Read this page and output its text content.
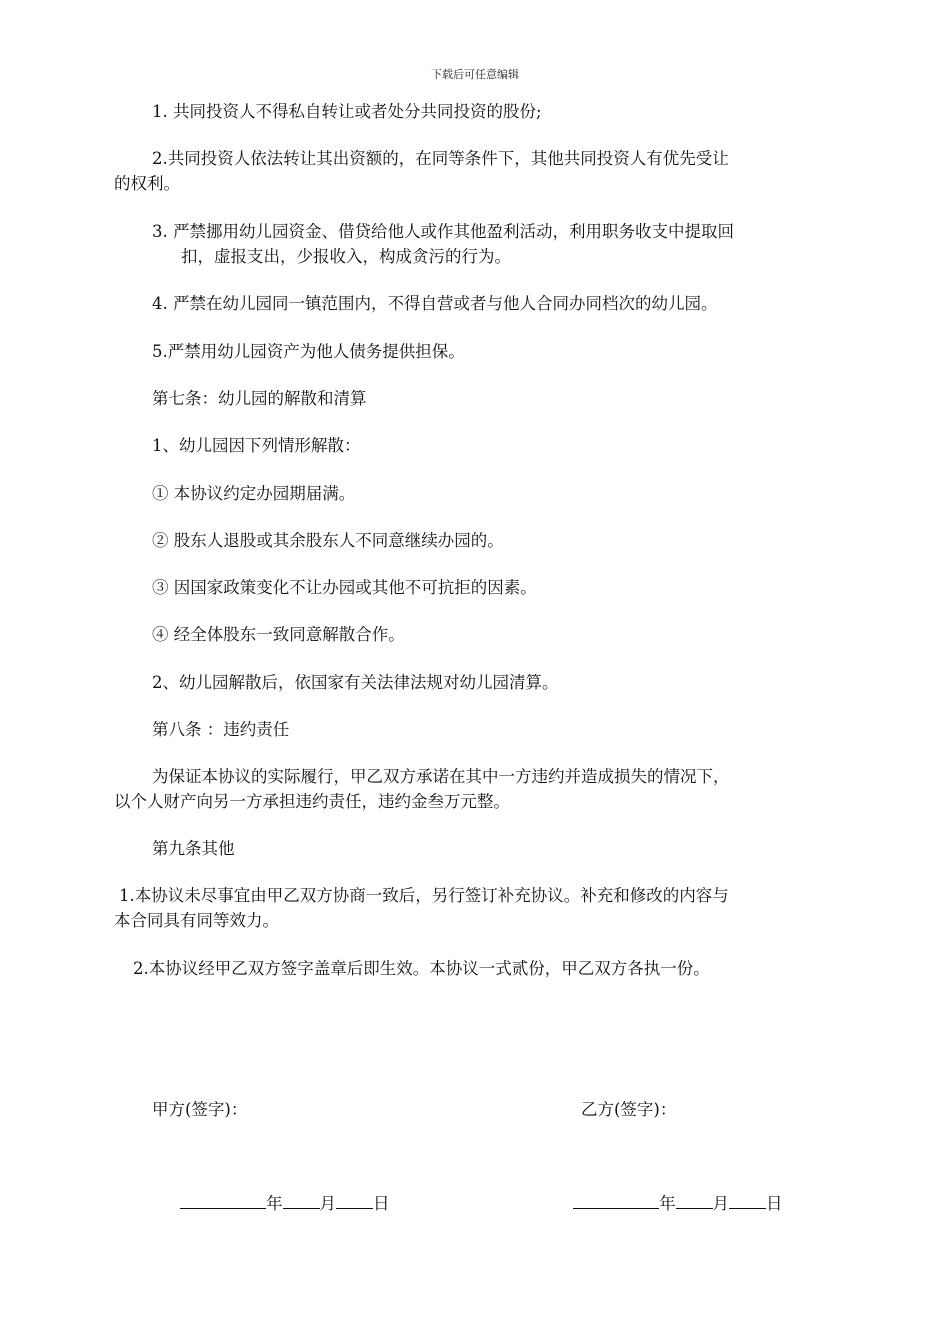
下载后可任意编辑
1. 共同投资人不得私自转让或者处分共同投资的股份;
2.共同投资人依法转让其出资额的，在同等条件下，其他共同投资人有优先受让
的权利。
3. 严禁挪用幼儿园资金、借贷给他人或作其他盈利活动，利用职务收支中提取回
扣，虚报支出，少报收入，构成贪污的行为。
4. 严禁在幼儿园同一镇范围内，不得自营或者与他人合同办同档次的幼儿园。
5.严禁用幼儿园资产为他人债务提供担保。
第七条：幼儿园的解散和清算
1、幼儿园因下列情形解散：
① 本协议约定办园期届满。
② 股东人退股或其余股东人不同意继续办园的。
③ 因国家政策变化不让办园或其他不可抗拒的因素。
④ 经全体股东一致同意解散合作。
2、幼儿园解散后，依国家有关法律法规对幼儿园清算。
第八条 ：违约责任
为保证本协议的实际履行，甲乙双方承诺在其中一方违约并造成损失的情况下，
以个人财产向另一方承担违约责任，违约金叁万元整。
第九条其他
1.本协议未尽事宜由甲乙双方协商一致后，另行签订补充协议。补充和修改的内容与
本合同具有同等效力。
2.本协议经甲乙双方签字盖章后即生效。本协议一式贰份，甲乙双方各执一份。
甲方(签字)：	乙方(签字)：
年 月 日	年 月 日
